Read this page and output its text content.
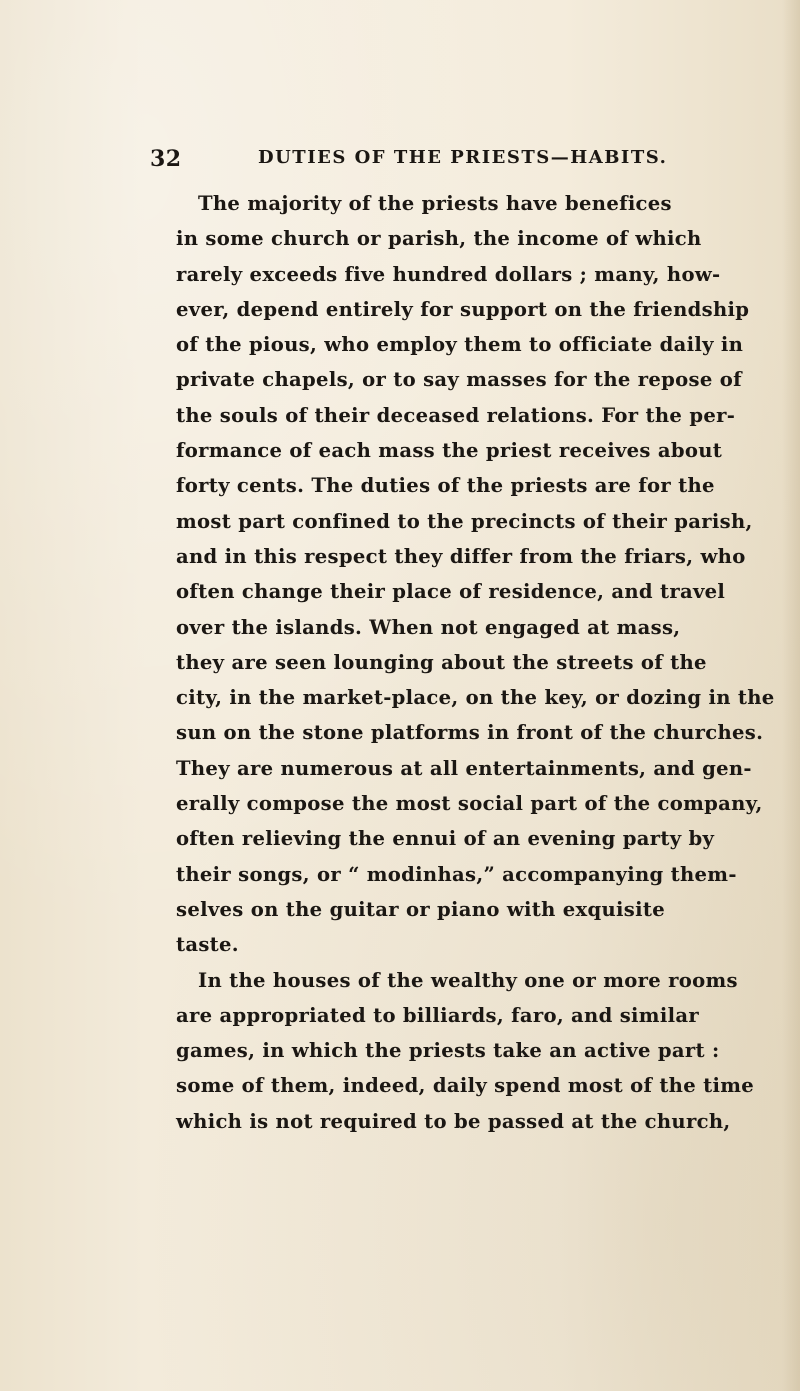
32	DUTIES OF THE PRIESTS—HABITS.
The majority of the priests have benefices
in some church or parish, the income of which
rarely exceeds five hundred dollars ; many, how-
ever, depend entirely for support on the friendship
of the pious, who employ them to officiate daily in
private chapels, or to say masses for the repose of
the souls of their deceased relations. For the per-
formance of each mass the priest receives about
forty cents. The duties of the priests are for the
most part confined to the precincts of their parish,
and in this respect they differ from the friars, who
often change their place of residence, and travel
over the islands. When not engaged at mass,
they are seen lounging about the streets of the
city, in the market-place, on the key, or dozing in the
sun on the stone platforms in front of the churches.
They are numerous at all entertainments, and gen-
erally compose the most social part of the company,
often relieving the ennui of an evening party by
their songs, or “ modinhas,” accompanying them-
selves on the guitar or piano with exquisite
taste.
In the houses of the wealthy one or more rooms
are appropriated to billiards, faro, and similar
games, in which the priests take an active part :
some of them, indeed, daily spend most of the time
which is not required to be passed at the church,
